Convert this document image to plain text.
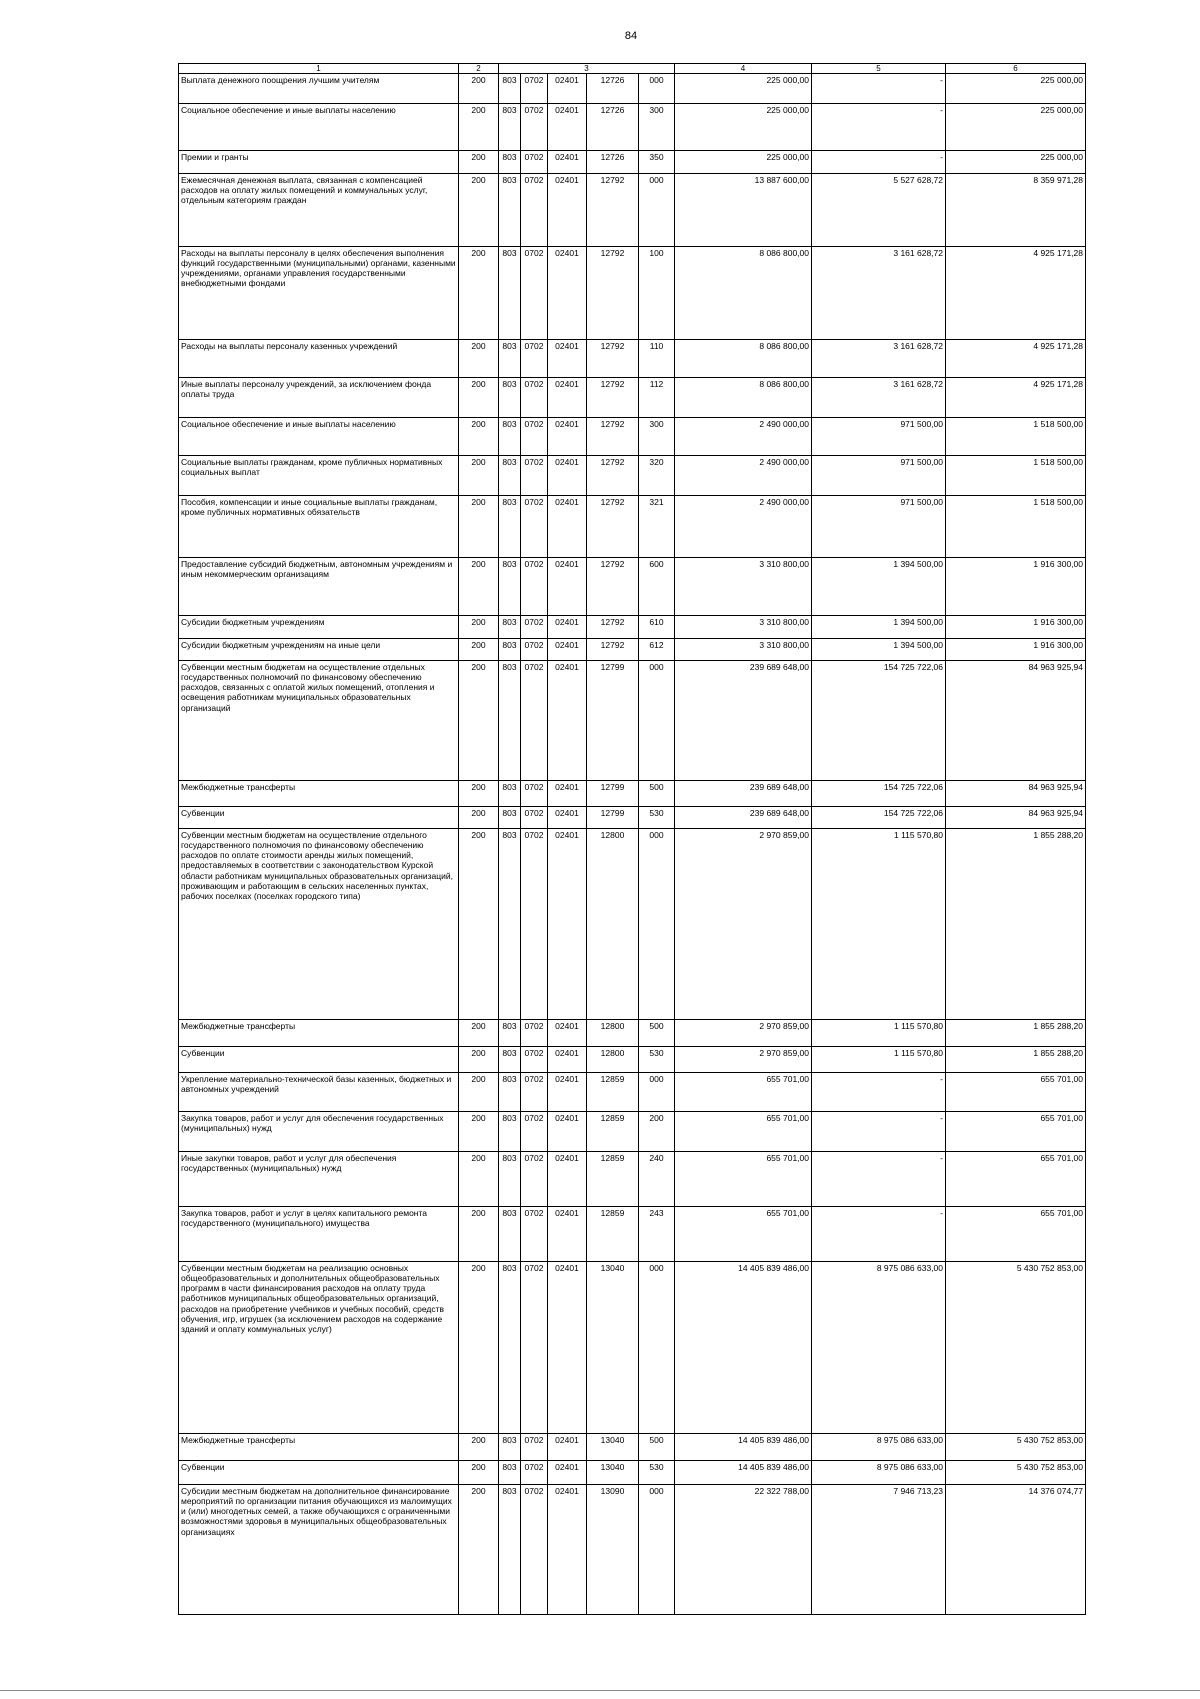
84
1	2	3					4	5	6
Выплата денежного поощрения лучшим учителям	200	803	0702	02401	12726	000	225 000,00	-	225 000,00
Социальное обеспечение и иные выплаты населению	200	803	0702	02401	12726	300	225 000,00	-	225 000,00
Премии и гранты	200	803	0702	02401	12726	350	225 000,00	-	225 000,00
Ежемесячная денежная выплата, связанная с компенсацией расходов на оплату жилых помещений и коммунальных услуг, отдельным категориям граждан	200	803	0702	02401	12792	000	13 887 600,00	5 527 628,72	8 359 971,28
Расходы на выплаты персоналу в целях обеспечения выполнения функций государственными (муниципальными) органами, казенными учреждениями, органами управления государственными внебюджетными фондами	200	803	0702	02401	12792	100	8 086 800,00	3 161 628,72	4 925 171,28
Расходы на выплаты персоналу казенных учреждений	200	803	0702	02401	12792	110	8 086 800,00	3 161 628,72	4 925 171,28
Иные выплаты персоналу учреждений, за исключением фонда оплаты труда	200	803	0702	02401	12792	112	8 086 800,00	3 161 628,72	4 925 171,28
Социальное обеспечение и иные выплаты населению	200	803	0702	02401	12792	300	2 490 000,00	971 500,00	1 518 500,00
Социальные выплаты гражданам, кроме публичных нормативных социальных выплат	200	803	0702	02401	12792	320	2 490 000,00	971 500,00	1 518 500,00
Пособия, компенсации и иные социальные выплаты гражданам, кроме публичных нормативных обязательств	200	803	0702	02401	12792	321	2 490 000,00	971 500,00	1 518 500,00
Предоставление субсидий бюджетным, автономным учреждениям и иным некоммерческим организациям	200	803	0702	02401	12792	600	3 310 800,00	1 394 500,00	1 916 300,00
Субсидии бюджетным учреждениям	200	803	0702	02401	12792	610	3 310 800,00	1 394 500,00	1 916 300,00
Субсидии бюджетным учреждениям на иные цели	200	803	0702	02401	12792	612	3 310 800,00	1 394 500,00	1 916 300,00
Субвенции местным бюджетам на осуществление отдельных государственных полномочий по финансовому обеспечению расходов, связанных с оплатой жилых помещений, отопления и освещения работникам муниципальных образовательных организаций	200	803	0702	02401	12799	000	239 689 648,00	154 725 722,06	84 963 925,94
Межбюджетные трансферты	200	803	0702	02401	12799	500	239 689 648,00	154 725 722,06	84 963 925,94
Субвенции	200	803	0702	02401	12799	530	239 689 648,00	154 725 722,06	84 963 925,94
Субвенции местным бюджетам на осуществление отдельного государственного полномочия по финансовому обеспечению расходов по оплате стоимости аренды жилых помещений, предоставляемых в соответствии с законодательством Курской области работникам муниципальных образовательных организаций, проживающим и работающим в сельских населенных пунктах, рабочих поселках (поселках городского типа)	200	803	0702	02401	12800	000	2 970 859,00	1 115 570,80	1 855 288,20
Межбюджетные трансферты	200	803	0702	02401	12800	500	2 970 859,00	1 115 570,80	1 855 288,20
Субвенции	200	803	0702	02401	12800	530	2 970 859,00	1 115 570,80	1 855 288,20
Укрепление материально-технической базы казенных, бюджетных и автономных учреждений	200	803	0702	02401	12859	000	655 701,00	-	655 701,00
Закупка товаров, работ и услуг для обеспечения государственных (муниципальных) нужд	200	803	0702	02401	12859	200	655 701,00	-	655 701,00
Иные закупки товаров, работ и услуг для обеспечения государственных (муниципальных) нужд	200	803	0702	02401	12859	240	655 701,00	-	655 701,00
Закупка товаров, работ и услуг в целях капитального ремонта государственного (муниципального) имущества	200	803	0702	02401	12859	243	655 701,00	-	655 701,00
Субвенции местным бюджетам на реализацию основных общеобразовательных и дополнительных общеобразовательных программ в части финансирования расходов на оплату труда работников муниципальных общеобразовательных организаций, расходов на приобретение учебников и учебных пособий, средств обучения, игр, игрушек (за исключением расходов на содержание зданий и оплату коммунальных услуг)	200	803	0702	02401	13040	000	14 405 839 486,00	8 975 086 633,00	5 430 752 853,00
Межбюджетные трансферты	200	803	0702	02401	13040	500	14 405 839 486,00	8 975 086 633,00	5 430 752 853,00
Субвенции	200	803	0702	02401	13040	530	14 405 839 486,00	8 975 086 633,00	5 430 752 853,00
Субсидии местным бюджетам на дополнительное финансирование мероприятий по организации питания обучающихся из малоимущих и (или) многодетных семей, а также обучающихся с ограниченными возможностями здоровья в муниципальных общеобразовательных организациях	200	803	0702	02401	13090	000	22 322 788,00	7 946 713,23	14 376 074,77
